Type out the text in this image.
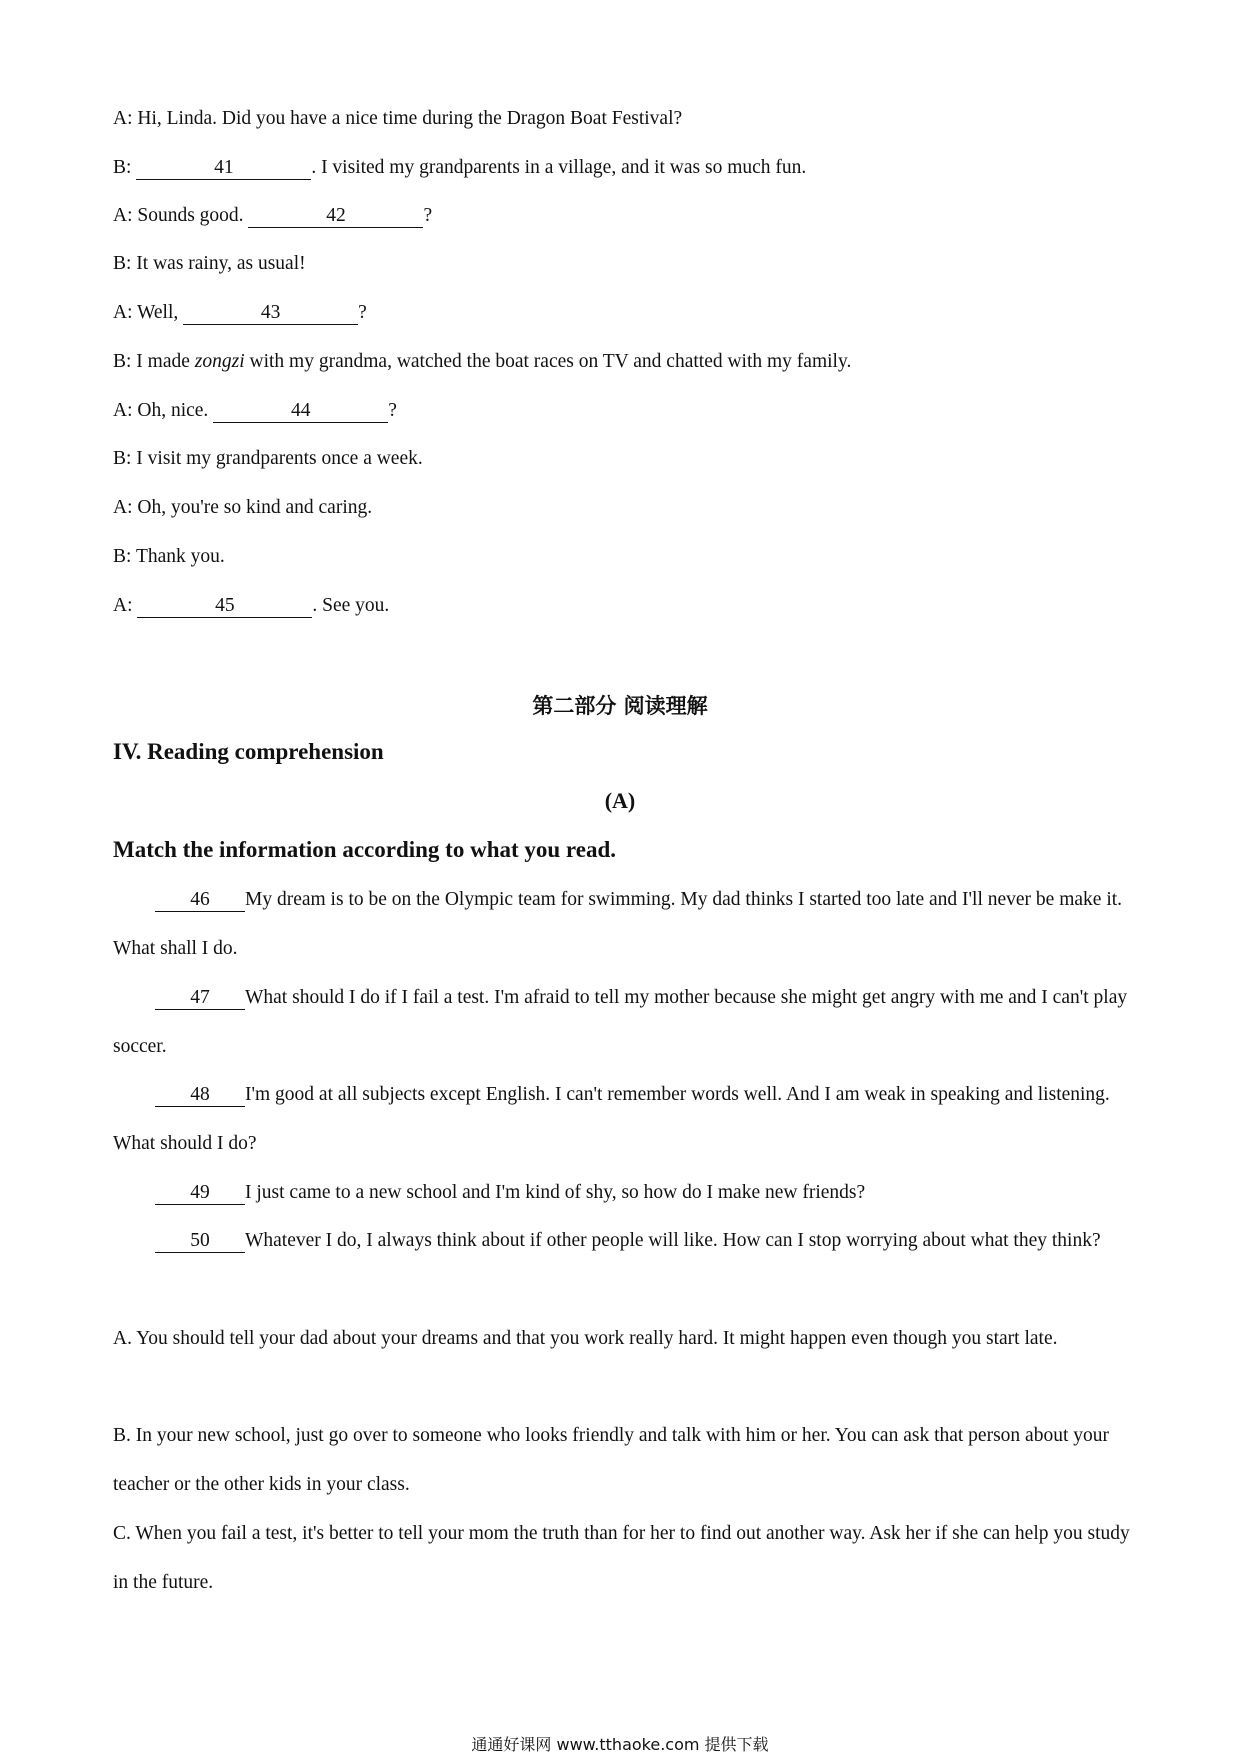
A: Hi, Linda. Did you have a nice time during the Dragon Boat Festival?
B:	41	. I visited my grandparents in a village, and it was so much fun.
A: Sounds good.	42	?
B: It was rainy, as usual!
A: Well,	43	?
B: I made zongzi with my grandma, watched the boat races on TV and chatted with my family.
A: Oh, nice.	44	?
B: I visit my grandparents once a week.
A: Oh, you're so kind and caring.
B: Thank you.
A:	45	. See you.
第二部分 阅读理解
IV. Reading comprehension
(A)
Match the information according to what you read.
46 My dream is to be on the Olympic team for swimming. My dad thinks I started too late and I'll never be make it. What shall I do.
47 What should I do if I fail a test. I'm afraid to tell my mother because she might get angry with me and I can't play soccer.
48 I'm good at all subjects except English. I can't remember words well. And I am weak in speaking and listening. What should I do?
49 I just came to a new school and I'm kind of shy, so how do I make new friends?
50 Whatever I do, I always think about if other people will like. How can I stop worrying about what they think?
A. You should tell your dad about your dreams and that you work really hard. It might happen even though you start late.
B. In your new school, just go over to someone who looks friendly and talk with him or her. You can ask that person about your teacher or the other kids in your class.
C. When you fail a test, it's better to tell your mom the truth than for her to find out another way. Ask her if she can help you study in the future.
通通好课网 www.tthaoke.com 提供下载
